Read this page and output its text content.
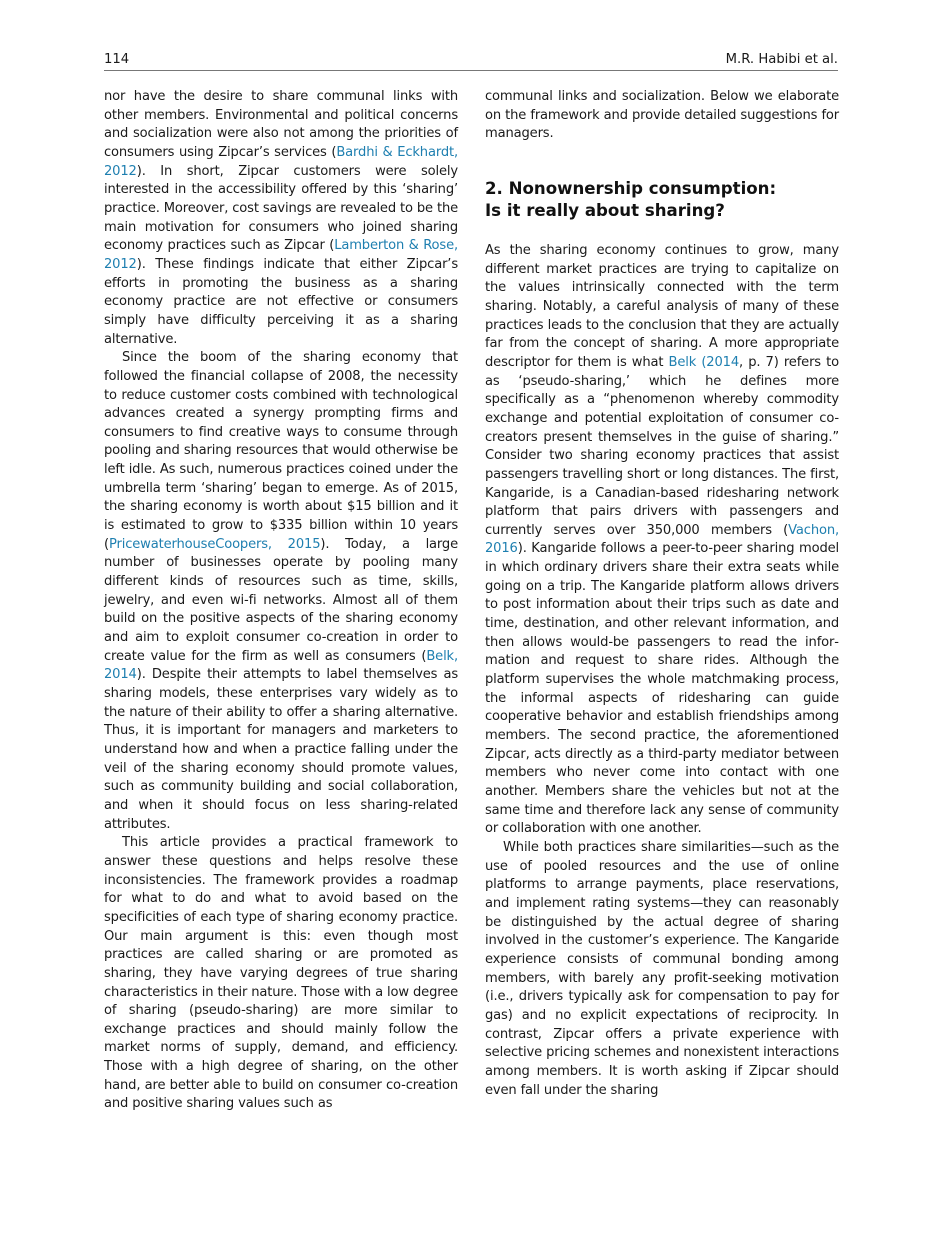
114	M.R. Habibi et al.

nor have the desire to share communal links with other members. Environmental and political concerns and socialization were also not among the priorities of consumers using Zipcar’s services (Bardhi & Eckhardt, 2012). In short, Zipcar customers were solely interested in the accessibility offered by this ‘sharing’ practice. Moreover, cost savings are revealed to be the main motivation for consumers who joined sharing economy practices such as Zipcar (Lamberton & Rose, 2012). These findings indicate that either Zipcar’s efforts in promoting the business as a sharing economy practice are not effective or consumers simply have difficulty perceiving it as a sharing alternative.

Since the boom of the sharing economy that followed the financial collapse of 2008, the necessity to reduce customer costs combined with technological advances created a synergy prompting firms and consumers to find creative ways to consume through pooling and sharing resources that would otherwise be left idle. As such, numerous practices coined under the umbrella term ‘sharing’ began to emerge. As of 2015, the sharing economy is worth about $15 billion and it is estimated to grow to $335 billion within 10 years (PricewaterhouseCoopers, 2015). Today, a large number of businesses operate by pooling many different kinds of resources such as time, skills, jewelry, and even wi-fi networks. Almost all of them build on the positive aspects of the sharing economy and aim to exploit consumer co-creation in order to create value for the firm as well as consumers (Belk, 2014). Despite their attempts to label themselves as sharing models, these enterprises vary widely as to the nature of their ability to offer a sharing alternative. Thus, it is important for managers and marketers to understand how and when a practice falling under the veil of the sharing economy should promote values, such as community building and social collaboration, and when it should focus on less sharing-related attributes.

This article provides a practical framework to answer these questions and helps resolve these inconsistencies. The framework provides a roadmap for what to do and what to avoid based on the specificities of each type of sharing economy practice. Our main argument is this: even though most practices are called sharing or are promoted as sharing, they have varying degrees of true sharing characteristics in their nature. Those with a low degree of sharing (pseudo-sharing) are more similar to exchange practices and should mainly follow the market norms of supply, demand, and efficiency. Those with a high degree of sharing, on the other hand, are better able to build on consumer co-creation and positive sharing values such as

communal links and socialization. Below we elaborate on the framework and provide detailed suggestions for managers.

2. Nonownership consumption:
Is it really about sharing?

As the sharing economy continues to grow, many different market practices are trying to capitalize on the values intrinsically connected with the term sharing. Notably, a careful analysis of many of these practices leads to the conclusion that they are actually far from the concept of sharing. A more appropriate descriptor for them is what Belk (2014, p. 7) refers to as ‘pseudo-sharing,’ which he defines more specifically as a “phenomenon whereby commodity exchange and potential exploitation of consumer co-creators present themselves in the guise of sharing.” Consider two sharing economy practices that assist passengers travelling short or long distances. The first, Kangaride, is a Canadian-based ridesharing network platform that pairs drivers with passengers and currently serves over 350,000 members (Vachon, 2016). Kangaride follows a peer-to-peer sharing model in which ordinary drivers share their extra seats while going on a trip. The Kangaride platform allows drivers to post information about their trips such as date and time, destination, and other relevant information, and then allows would-be passengers to read the information and request to share rides. Although the platform supervises the whole matchmaking process, the informal aspects of ridesharing can guide cooperative behavior and establish friendships among members. The second practice, the aforementioned Zipcar, acts directly as a third-party mediator between members who never come into contact with one another. Members share the vehicles but not at the same time and therefore lack any sense of community or collaboration with one another.

While both practices share similarities—such as the use of pooled resources and the use of online platforms to arrange payments, place reservations, and implement rating systems—they can reasonably be distinguished by the actual degree of sharing involved in the customer’s experience. The Kangaride experience consists of communal bonding among members, with barely any profit-seeking motivation (i.e., drivers typically ask for compensation to pay for gas) and no explicit expectations of reciprocity. In contrast, Zipcar offers a private experience with selective pricing schemes and nonexistent interactions among members. It is worth asking if Zipcar should even fall under the sharing
